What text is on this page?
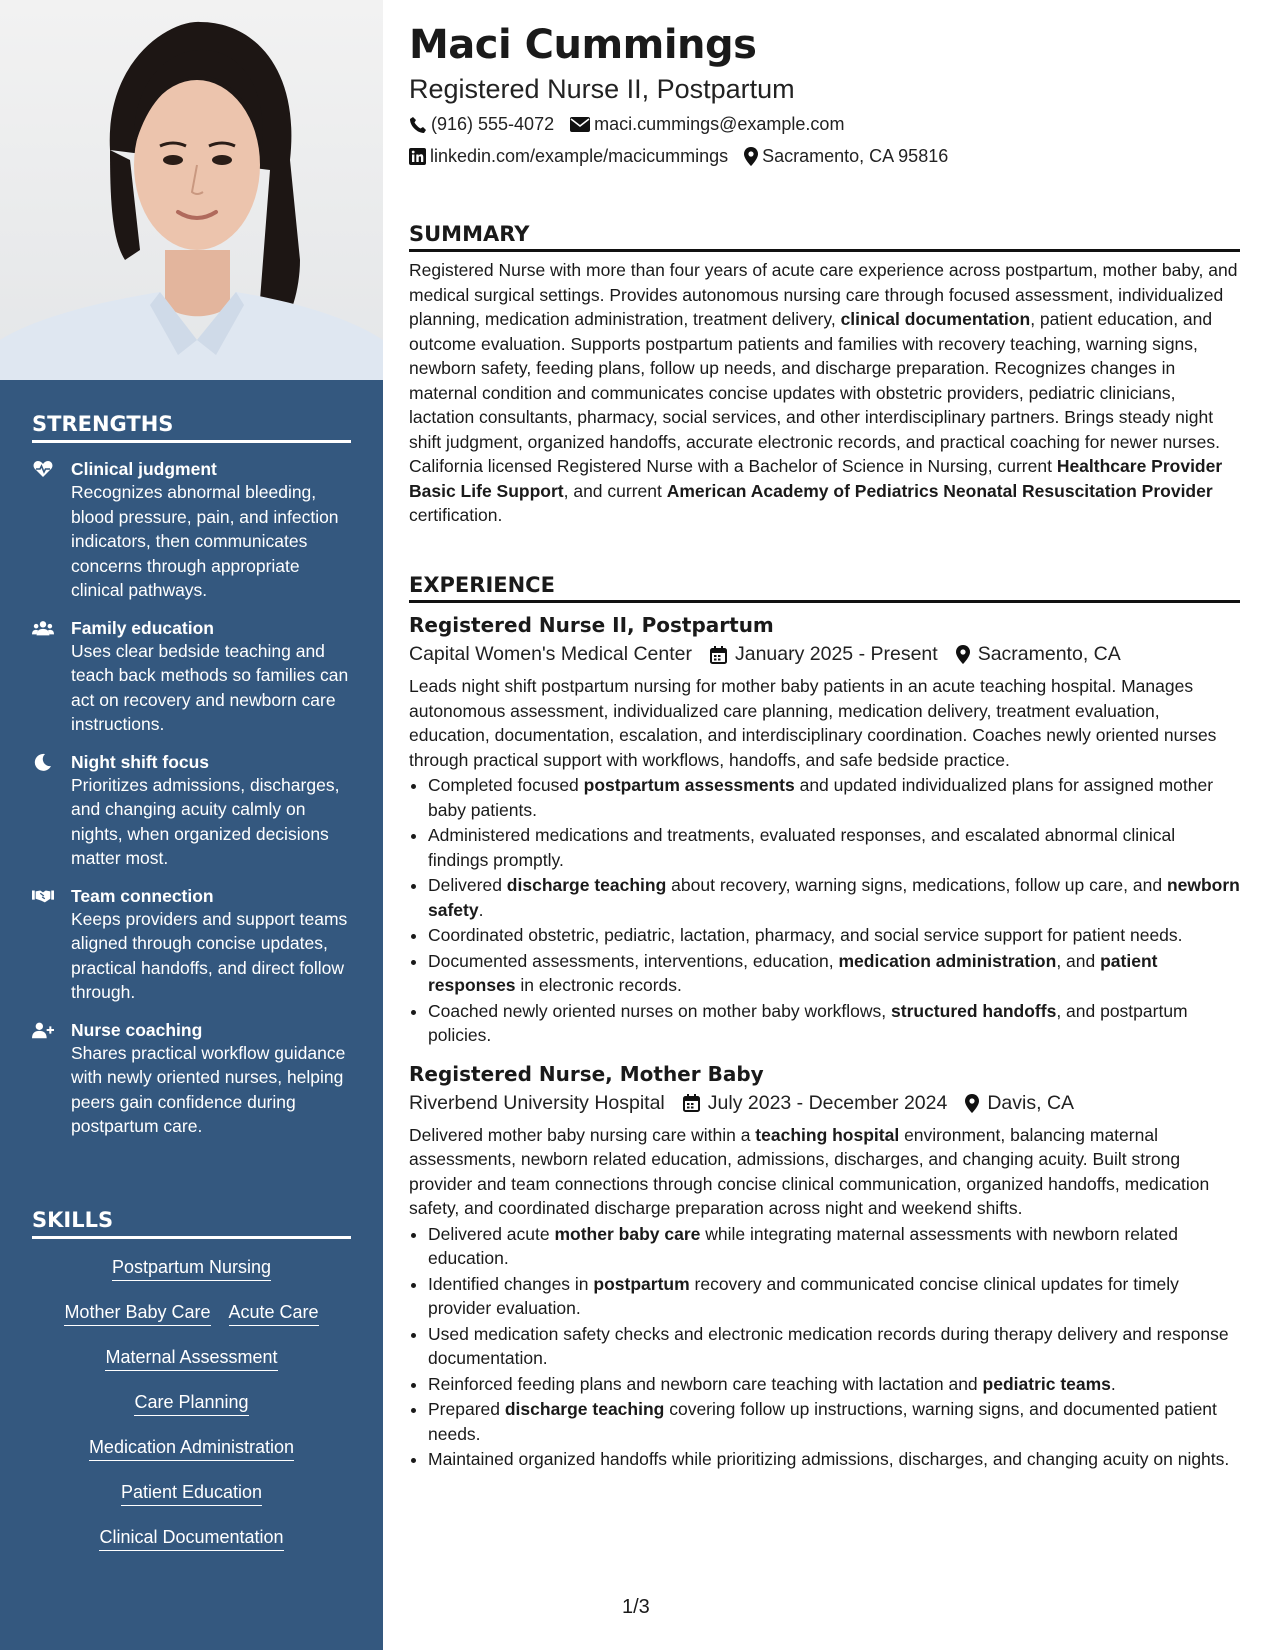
STRENGTHS
Clinical judgment
Recognizes abnormal bleeding, blood pressure, pain, and infection indicators, then communicates concerns through appropriate clinical pathways.
Family education
Uses clear bedside teaching and teach back methods so families can act on recovery and newborn care instructions.
Night shift focus
Prioritizes admissions, discharges, and changing acuity calmly on nights, when organized decisions matter most.
Team connection
Keeps providers and support teams aligned through concise updates, practical handoffs, and direct follow through.
Nurse coaching
Shares practical workflow guidance with newly oriented nurses, helping peers gain confidence during postpartum care.
SKILLS
Postpartum Nursing
Mother Baby Care Acute Care
Maternal Assessment
Care Planning
Medication Administration
Patient Education
Clinical Documentation
Maci Cummings
Registered Nurse II, Postpartum
(916) 555-4072 maci.cummings@example.com
linkedin.com/example/macicummings Sacramento, CA 95816
SUMMARY

Registered Nurse with more than four years of acute care experience across postpartum, mother baby, and medical surgical settings. Provides autonomous nursing care through focused assessment, individualized planning, medication administration, treatment delivery, clinical documentation, patient education, and outcome evaluation. Supports postpartum patients and families with recovery teaching, warning signs, newborn safety, feeding plans, follow up needs, and discharge preparation. Recognizes changes in maternal condition and communicates concise updates with obstetric providers, pediatric clinicians, lactation consultants, pharmacy, social services, and other interdisciplinary partners. Brings steady night shift judgment, organized handoffs, accurate electronic records, and practical coaching for newer nurses. California licensed Registered Nurse with a Bachelor of Science in Nursing, current Healthcare Provider Basic Life Support, and current American Academy of Pediatrics Neonatal Resuscitation Provider certification.

EXPERIENCE
Registered Nurse II, Postpartum
Capital Women's Medical Center January 2025 - Present Sacramento, CA

Leads night shift postpartum nursing for mother baby patients in an acute teaching hospital. Manages autonomous assessment, individualized care planning, medication delivery, treatment evaluation, education, documentation, escalation, and interdisciplinary coordination. Coaches newly oriented nurses through practical support with workflows, handoffs, and safe bedside practice.

• Completed focused postpartum assessments and updated individualized plans for assigned mother baby patients.
• Administered medications and treatments, evaluated responses, and escalated abnormal clinical findings promptly.
• Delivered discharge teaching about recovery, warning signs, medications, follow up care, and newborn safety.
• Coordinated obstetric, pediatric, lactation, pharmacy, and social service support for patient needs.
• Documented assessments, interventions, education, medication administration, and patient responses in electronic records.
• Coached newly oriented nurses on mother baby workflows, structured handoffs, and postpartum policies.
Registered Nurse, Mother Baby
Riverbend University Hospital July 2023 - December 2024 Davis, CA

Delivered mother baby nursing care within a teaching hospital environment, balancing maternal assessments, newborn related education, admissions, discharges, and changing acuity. Built strong provider and team connections through concise clinical communication, organized handoffs, medication safety, and coordinated discharge preparation across night and weekend shifts.

• Delivered acute mother baby care while integrating maternal assessments with newborn related education.
• Identified changes in postpartum recovery and communicated concise clinical updates for timely provider evaluation.
• Used medication safety checks and electronic medication records during therapy delivery and response documentation.
• Reinforced feeding plans and newborn care teaching with lactation and pediatric teams.
• Prepared discharge teaching covering follow up instructions, warning signs, and documented patient needs.
• Maintained organized handoffs while prioritizing admissions, discharges, and changing acuity on nights.
1/3
